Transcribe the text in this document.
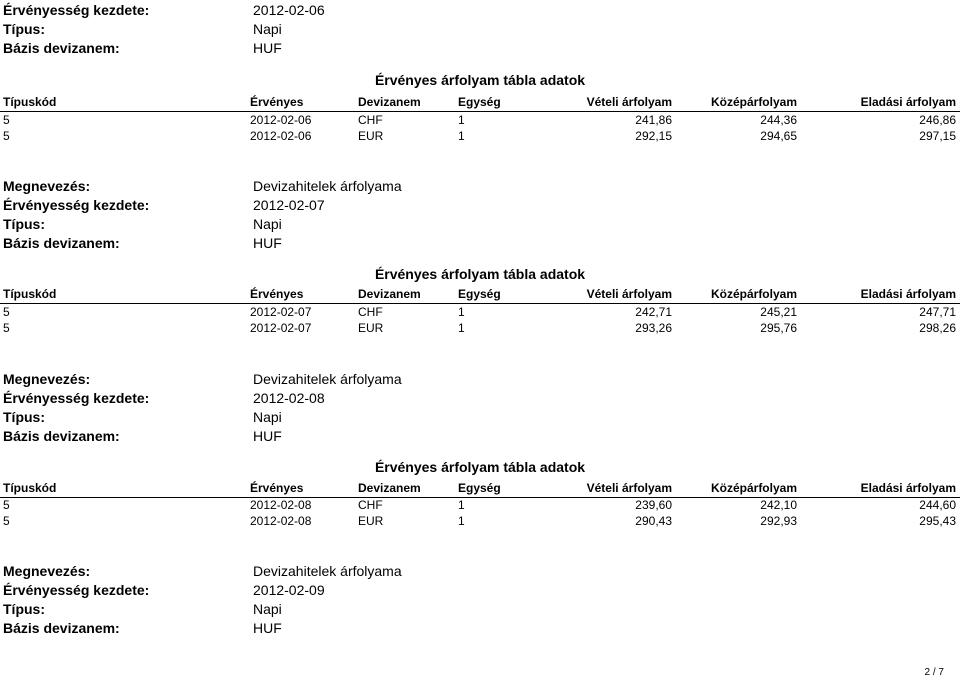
Érvényesség kezdete:	2012-02-06
Típus:	Napi
Bázis devizanem:	HUF
Érvényes árfolyam tábla adatok
Típuskód	Érvényes	Devizanem	Egység	Vételi árfolyam	Középárfolyam	Eladási árfolyam
5	2012-02-06	CHF	1	241,86	244,36	246,86
5	2012-02-06	EUR	1	292,15	294,65	297,15
Megnevezés:	Devizahitelek árfolyama
Érvényesség kezdete:	2012-02-07
Típus:	Napi
Bázis devizanem:	HUF
Érvényes árfolyam tábla adatok
Típuskód	Érvényes	Devizanem	Egység	Vételi árfolyam	Középárfolyam	Eladási árfolyam
5	2012-02-07	CHF	1	242,71	245,21	247,71
5	2012-02-07	EUR	1	293,26	295,76	298,26
Megnevezés:	Devizahitelek árfolyama
Érvényesség kezdete:	2012-02-08
Típus:	Napi
Bázis devizanem:	HUF
Érvényes árfolyam tábla adatok
Típuskód	Érvényes	Devizanem	Egység	Vételi árfolyam	Középárfolyam	Eladási árfolyam
5	2012-02-08	CHF	1	239,60	242,10	244,60
5	2012-02-08	EUR	1	290,43	292,93	295,43
Megnevezés:	Devizahitelek árfolyama
Érvényesség kezdete:	2012-02-09
Típus:	Napi
Bázis devizanem:	HUF
2 / 7
